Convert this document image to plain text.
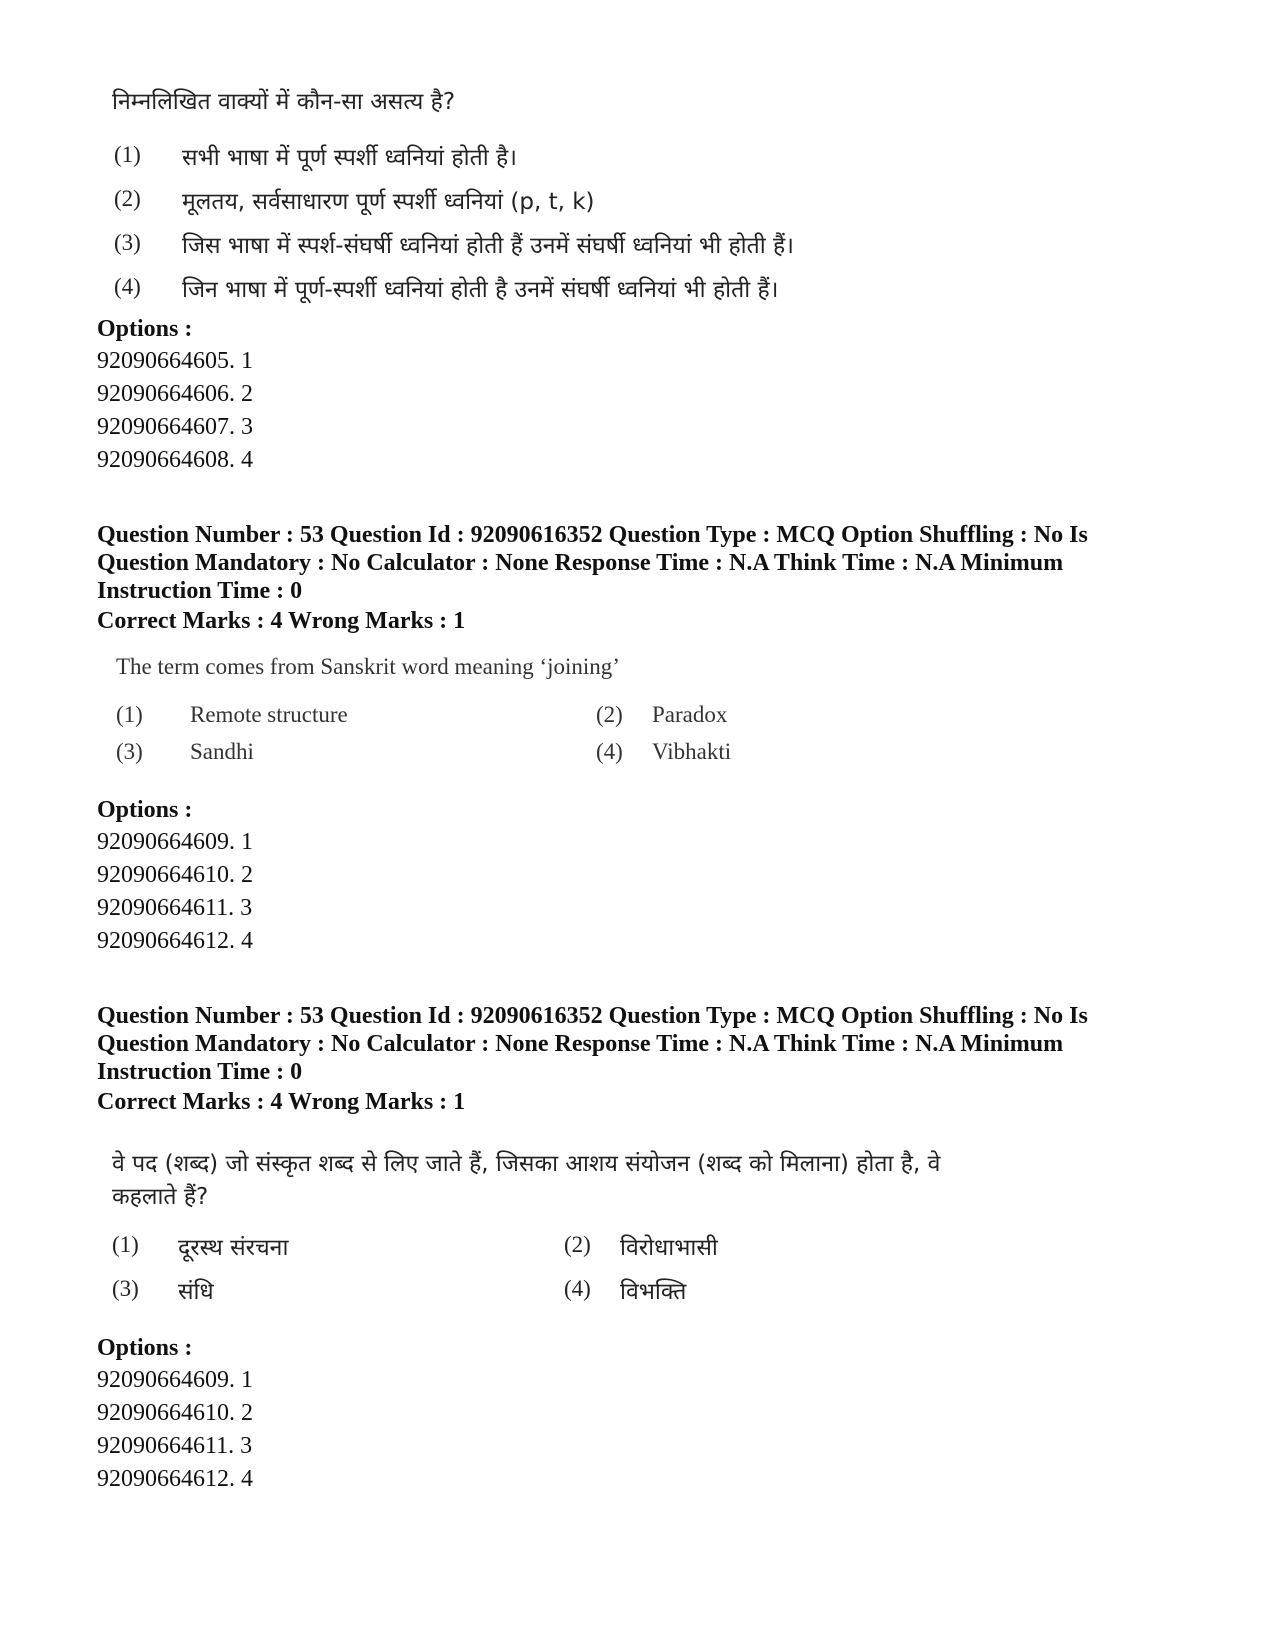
निम्नलिखित वाक्यों में कौन-सा असत्य है?
(1) सभी भाषा में पूर्ण स्पर्शी ध्वनियां होती है।
(2) मूलतय, सर्वसाधारण पूर्ण स्पर्शी ध्वनियां (p, t, k)
(3) जिस भाषा में स्पर्श-संघर्षी ध्वनियां होती हैं उनमें संघर्षी ध्वनियां भी होती हैं।
(4) जिन भाषा में पूर्ण-स्पर्शी ध्वनियां होती है उनमें संघर्षी ध्वनियां भी होती हैं।
Options :
92090664605. 1
92090664606. 2
92090664607. 3
92090664608. 4
Question Number : 53 Question Id : 92090616352 Question Type : MCQ Option Shuffling : No Is
Question Mandatory : No Calculator : None Response Time : N.A Think Time : N.A Minimum
Instruction Time : 0
Correct Marks : 4 Wrong Marks : 1
The term comes from Sanskrit word meaning ‘joining’
(1) Remote structure	(2) Paradox
(3) Sandhi	(4) Vibhakti
Options :
92090664609. 1
92090664610. 2
92090664611. 3
92090664612. 4
Question Number : 53 Question Id : 92090616352 Question Type : MCQ Option Shuffling : No Is
Question Mandatory : No Calculator : None Response Time : N.A Think Time : N.A Minimum
Instruction Time : 0
Correct Marks : 4 Wrong Marks : 1
वे पद (शब्द) जो संस्कृत शब्द से लिए जाते हैं, जिसका आशय संयोजन (शब्द को मिलाना) होता है, वे
कहलाते हैं?
(1) दूरस्थ संरचना	(2) विरोधाभासी
(3) संधि	(4) विभक्ति
Options :
92090664609. 1
92090664610. 2
92090664611. 3
92090664612. 4
